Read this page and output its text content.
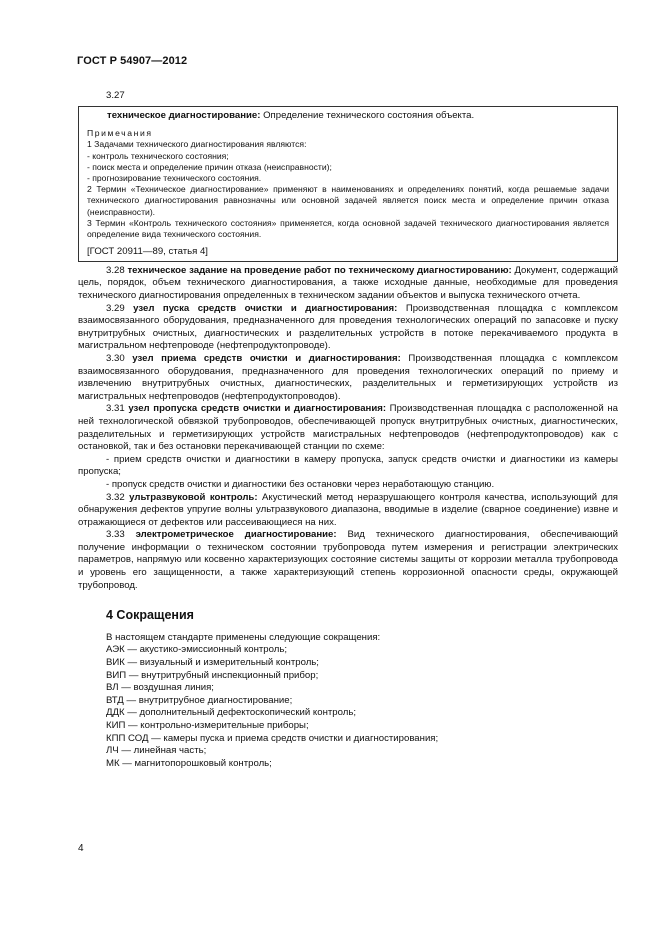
ГОСТ Р 54907—2012
3.27

техническое диагностирование: Определение технического состояния объекта.

Примечания

1 Задачами технического диагностирования являются:

- контроль технического состояния;

- поиск места и определение причин отказа (неисправности);

- прогнозирование технического состояния.

2 Термин «Техническое диагностирование» применяют в наименованиях и определениях понятий, когда решаемые задачи технического диагностирования равнозначны или основной задачей является поиск места и определение причин отказа (неисправности).

3 Термин «Контроль технического состояния» применяется, когда основной задачей технического диагностирования является определение вида технического состояния.

[ГОСТ 20911—89, статья 4]

3.28 техническое задание на проведение работ по техническому диагностированию: Документ, содержащий цель, порядок, объем технического диагностирования, а также исходные данные, необходимые для проведения технического диагностирования определенных в техническом задании объектов и выпуска технического отчета.

3.29 узел пуска средств очистки и диагностирования: Производственная площадка с комплексом взаимосвязанного оборудования, предназначенного для проведения технологических операций по запасовке и пуску внутритрубных очистных, диагностических и разделительных устройств в потоке перекачиваемого продукта в магистральном нефтепроводе (нефтепродуктопроводе).

3.30 узел приема средств очистки и диагностирования: Производственная площадка с комплексом взаимосвязанного оборудования, предназначенного для проведения технологических операций по приему и извлечению внутритрубных очистных, диагностических, разделительных и герметизирующих устройств из магистральных нефтепроводов (нефтепродуктопроводов).

3.31 узел пропуска средств очистки и диагностирования: Производственная площадка с расположенной на ней технологической обвязкой трубопроводов, обеспечивающей пропуск внутритрубных очистных, диагностических, разделительных и герметизирующих устройств магистральных нефтепроводов (нефтепродуктопроводов) как с остановкой, так и без остановки перекачивающей станции по схеме:

- прием средств очистки и диагностики в камеру пропуска, запуск средств очистки и диагностики из камеры пропуска;

- пропуск средств очистки и диагностики без остановки через неработающую станцию.

3.32 ультразвуковой контроль: Акустический метод неразрушающего контроля качества, использующий для обнаружения дефектов упругие волны ультразвукового диапазона, вводимые в изделие (сварное соединение) извне и отражающиеся от дефектов или рассеивающиеся на них.

3.33 электрометрическое диагностирование: Вид технического диагностирования, обеспечивающий получение информации о техническом состоянии трубопровода путем измерения и регистрации электрических параметров, напрямую или косвенно характеризующих состояние системы защиты от коррозии металла трубопровода и уровень его защищенности, а также характеризующий степень коррозионной опасности среды, окружающей трубопровод.

4 Сокращения

В настоящем стандарте применены следующие сокращения:

АЭК — акустико-эмиссионный контроль;

ВИК — визуальный и измерительный контроль;

ВИП — внутритрубный инспекционный прибор;

ВЛ — воздушная линия;

ВТД — внутритрубное диагностирование;

ДДК — дополнительный дефектоскопический контроль;

КИП — контрольно-измерительные приборы;

КПП СОД — камеры пуска и приема средств очистки и диагностирования;

ЛЧ — линейная часть;

МК — магнитопорошковый контроль;

4
